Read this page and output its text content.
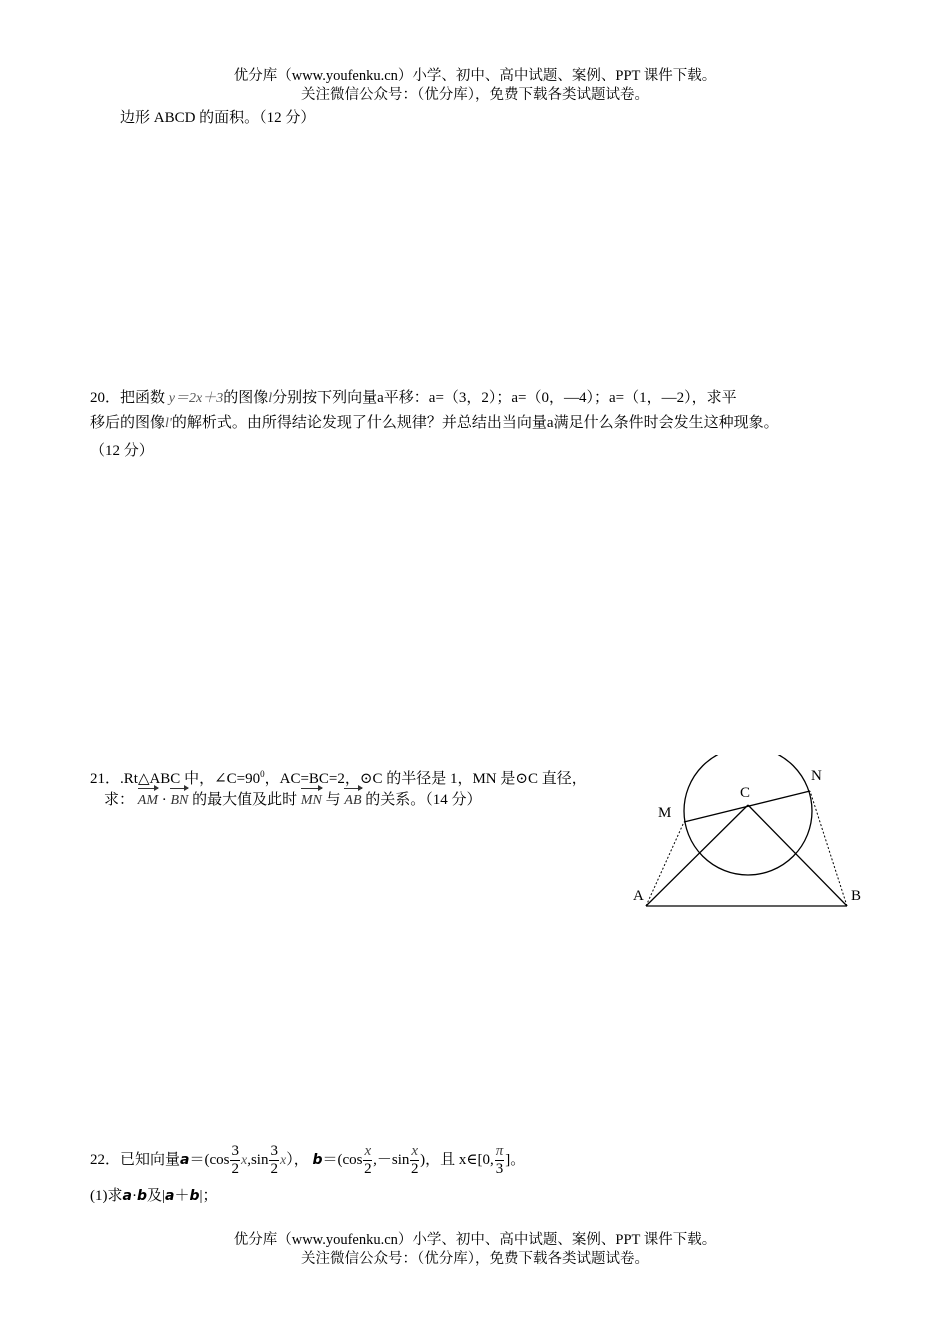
优分库（www.youfenku.cn）小学、初中、高中试题、案例、PPT 课件下载。
关注微信公众号：（优分库），免费下载各类试题试卷。
边形 ABCD 的面积。（12 分）
20．把函数 y＝2x＋3的图像l分别按下列向量a平移：a=（3，2）；a=（0，—4）；a=（1，—2），求平
移后的图像l'的解析式。由所得结论发现了什么规律？并总结出当向量a满足什么条件时会发生这种现象。
（12 分）
21．.Rt△ABC 中，$\angle C=90^0$，AC=BC=2，⊙C 的半径是 1，MN 是⊙C 直径，
求： AM · BN 的最大值及此时 MN 与 AB 的关系。（14 分）
N
C
M
A	B
22．已知向量$a=(\cos \frac{3}{2} x,\sin \frac{3}{2} x)$， $b=(\cos \frac{x}{2} ,-\sin \frac{x}{2}$ )，且 x∈[0, $\frac{\pi}{3}$ ]。
(1)求a·b及|a＋b|；
优分库（www.youfenku.cn）小学、初中、高中试题、案例、PPT 课件下载。
关注微信公众号：（优分库），免费下载各类试题试卷。
